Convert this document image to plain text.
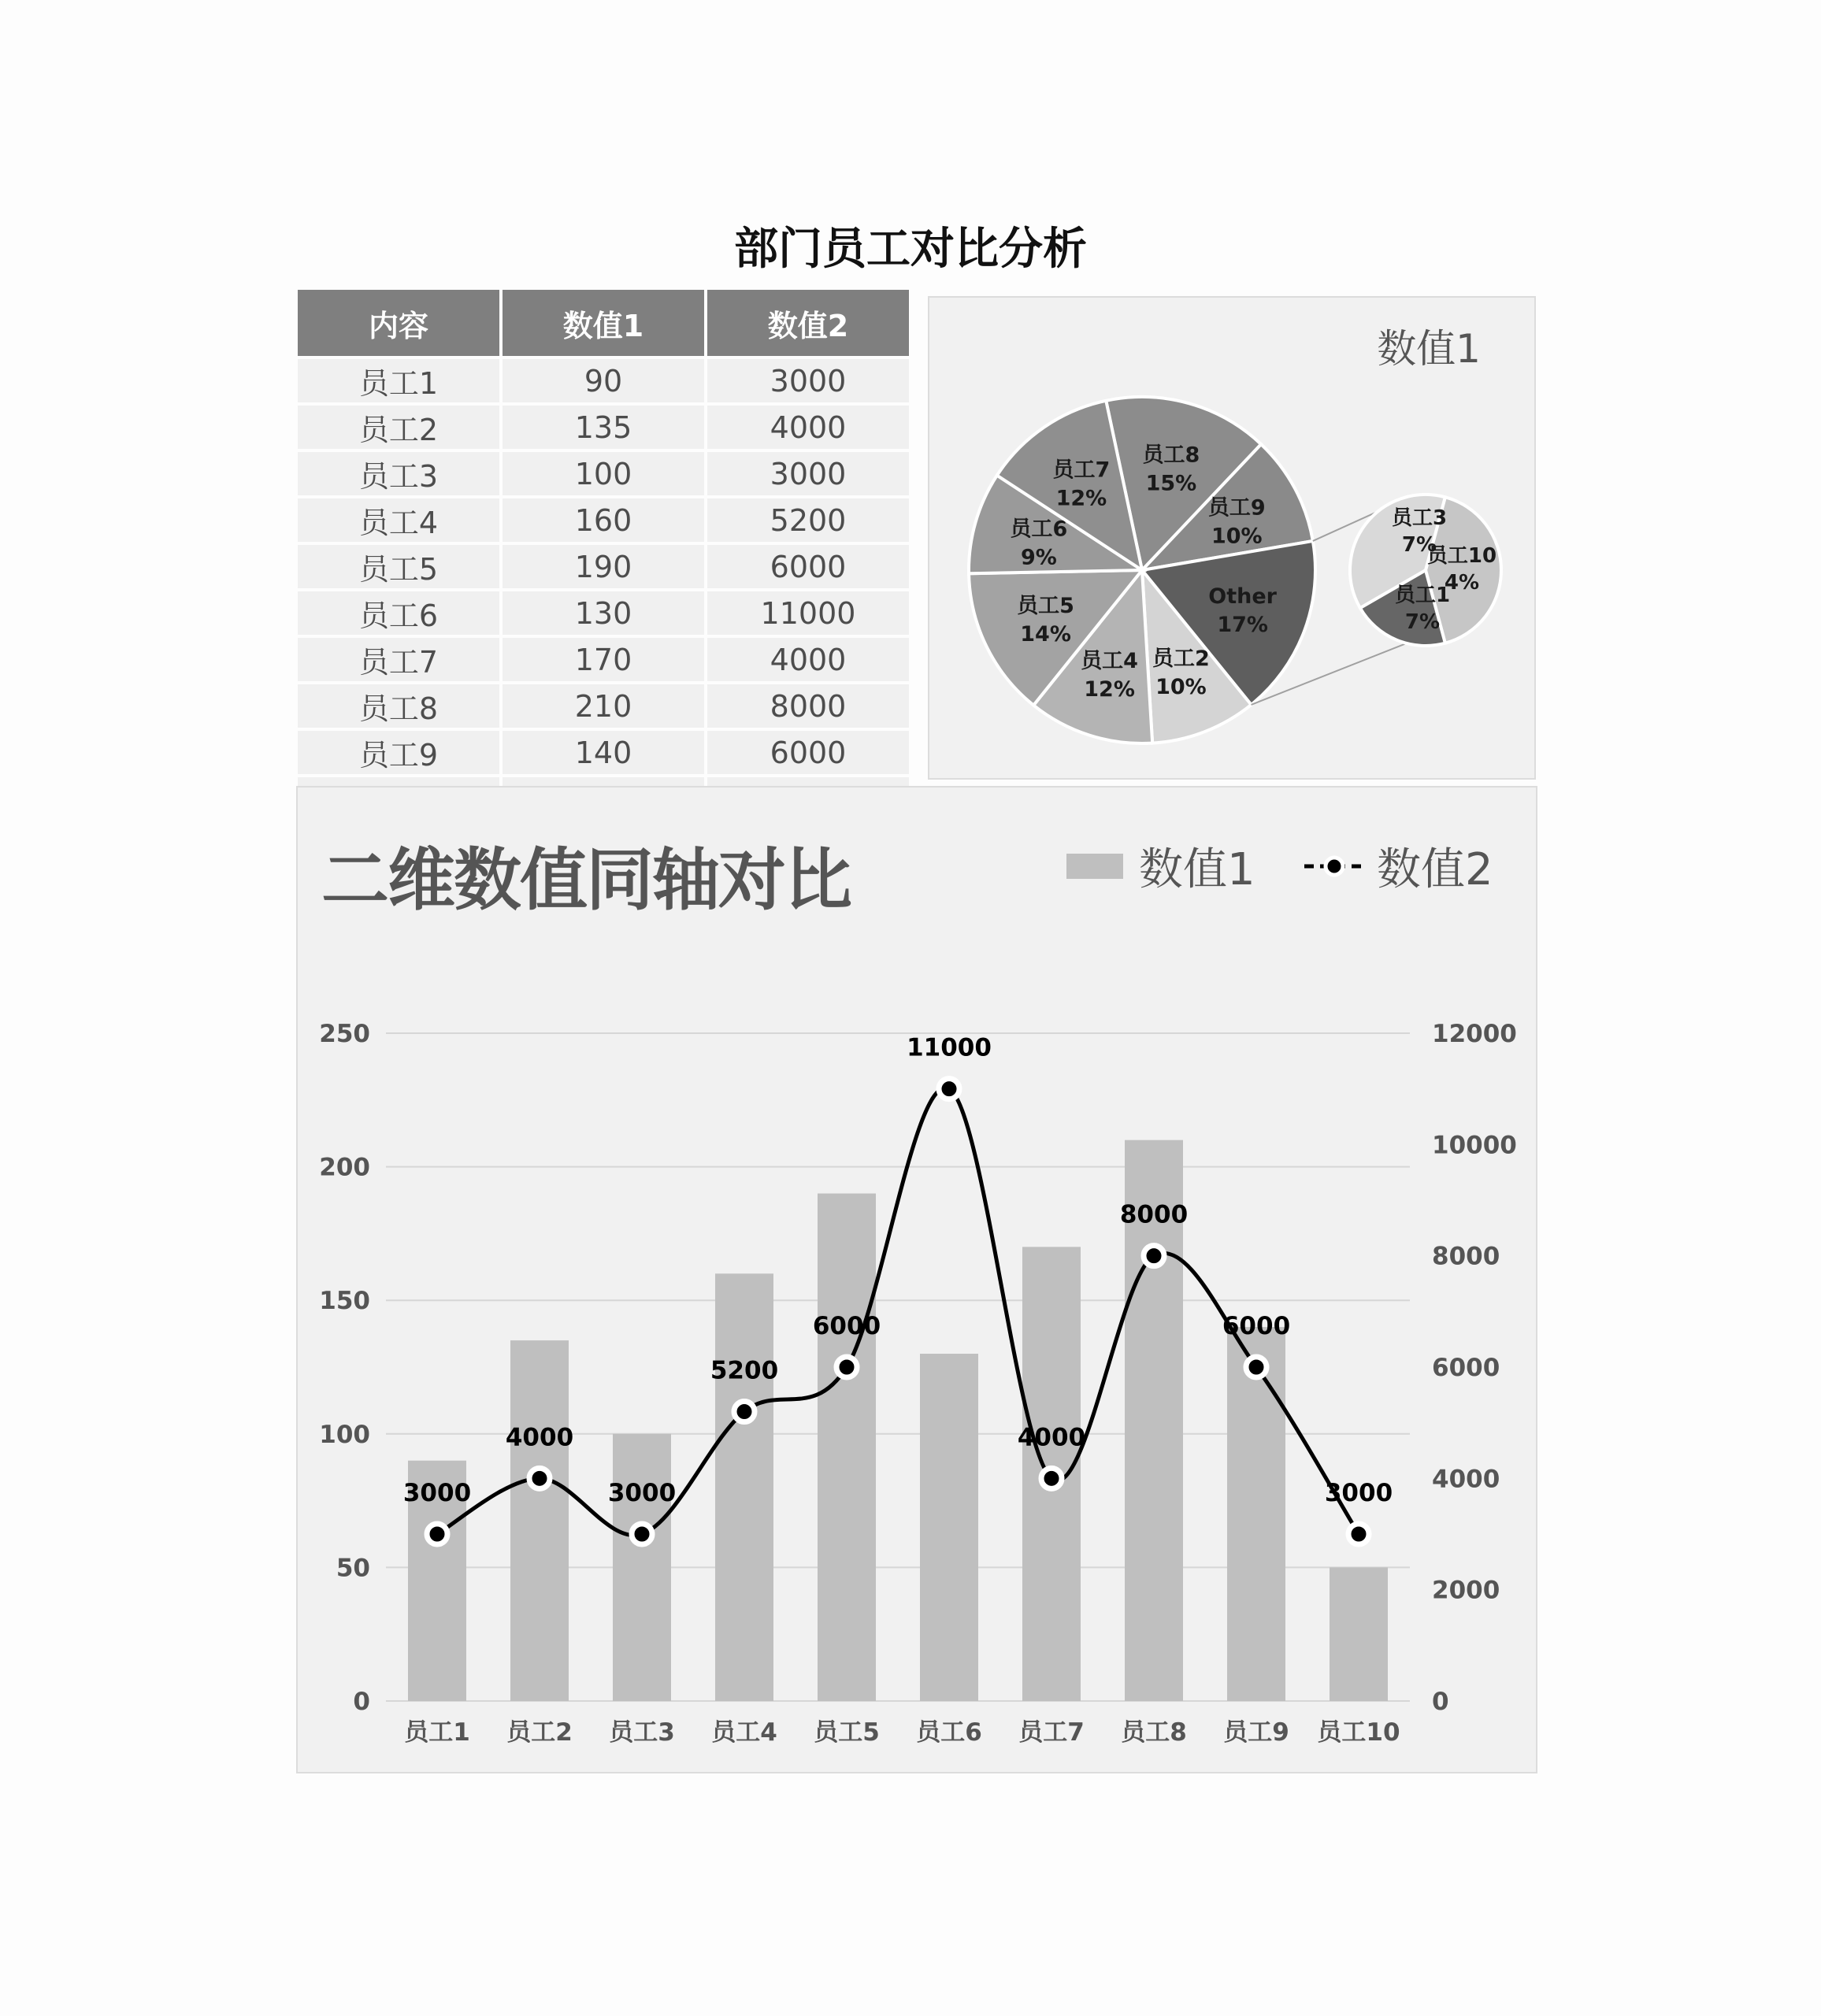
部门员工对比分析
内容	数值1	数值2
员工1	90	3000
员工2	135	4000
员工3	100	3000
员工4	160	5200
员工5	190	6000
员工6	130	11000
员工7	170	4000
员工8	210	8000
员工9	140	6000

数值1
员工8
15%
员工9
10%
Other
17%
员工2
10%
员工4
12%
员工5
14%
员工6
9%
员工7
12%
员工3
7%
员工10
4%
员工1
7%
二维数值同轴对比	数值1	数值2
0
50
100
150
200
250
0
2000
4000
6000
8000
10000
12000
员工1 员工2 员工3 员工4 员工5 员工6 员工7 员工8 员工9 员工10
3000
4000
3000
5200
6000
11000
4000
8000
6000
3000
